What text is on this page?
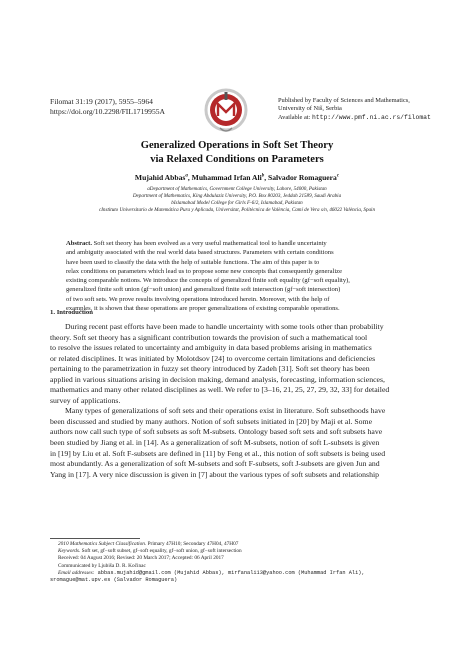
Filomat 31:19 (2017), 5955–5964
https://doi.org/10.2298/FIL1719955A
Published by Faculty of Sciences and Mathematics,
University of Niš, Serbia
Available at: http://www.pmf.ni.ac.rs/filomat
Generalized Operations in Soft Set Theory
via Relaxed Conditions on Parameters
Mujahid Abbas$^a$, Muhammad Irfan Ali$^b$, Salvador Romaguera$^c$
aDepartment of Mathematics, Government College University, Lahore, 54000, Pakistan
Department of Mathematics, King Abdulaziz University, P.O. Box 80203, Jeddah 21589, Saudi Arabia
bIslamabad Model College for Girls F-6/2, Islamabad, Pakistan
cInstituto Universitario de Matemática Pura y Aplicada, Universitat, Politècnica de València, Camí de Vera s/n, 46022 València, Spain
Abstract. Soft set theory has been evolved as a very useful mathematical tool to handle uncertainty
and ambiguity associated with the real world data based structures. Parameters with certain conditions
have been used to classify the data with the help of suitable functions. The aim of this paper is to
relax conditions on parameters which lead us to propose some new concepts that consequently generalize
existing comparable notions. We introduce the concepts of generalized finite soft equality (gf−soft equality),
generalized finite soft union (gf−soft union) and generalized finite soft intersection (gf−soft intersection)
of two soft sets. We prove results involving operations introduced herein. Moreover, with the help of
examples, it is shown that these operations are proper generalizations of existing comparable operations.
1. Introduction
During recent past efforts have been made to handle uncertainty with some tools other than probability
theory. Soft set theory has a significant contribution towards the provision of such a mathematical tool
to resolve the issues related to uncertainty and ambiguity in data based problems arising in mathematics
or related disciplines. It was initiated by Molotdsov [24] to overcome certain limitations and deficiencies
pertaining to the parametrization in fuzzy set theory introduced by Zadeh [31]. Soft set theory has been
applied in various situations arising in decision making, demand analysis, forecasting, information sciences,
mathematics and many other related disciplines as well. We refer to [3–16, 21, 25, 27, 29, 32, 33] for detailed
survey of applications.
Many types of generalizations of soft sets and their operations exist in literature. Soft subsethoods have
been discussed and studied by many authors. Notion of soft subsets initiated in [20] by Maji et al. Some
authors now call such type of soft subsets as soft M-subsets. Ontology based soft sets and soft subsets have
been studied by Jiang et al. in [14]. As a generalization of soft M-subsets, notion of soft L-subsets is given
in [19] by Liu et al. Soft F-subsets are defined in [11] by Feng et al., this notion of soft subsets is being used
most abundantly. As a generalization of soft M-subsets and soft F-subsets, soft J-subsets are given Jun and
Yang in [17]. A very nice discussion is given in [7] about the various types of soft subsets and relationship
2010 Mathematics Subject Classification. Primary 47H10; Secondary 47H04, 47H07
Keywords. Soft set, gf−soft subset, gf−soft equality, gf−soft union, gf−soft intersection
Received: 04 August 2016; Revised: 20 March 2017; Accepted: 06 April 2017
Communicated by Ljubiša D. R. Kočinac
Email addresses: abbas.mujahid@gmail.com (Mujahid Abbas), mirfanali13@yahoo.com (Muhammad Irfan Ali),
sromague@mat.upv.es (Salvador Romaguera)
